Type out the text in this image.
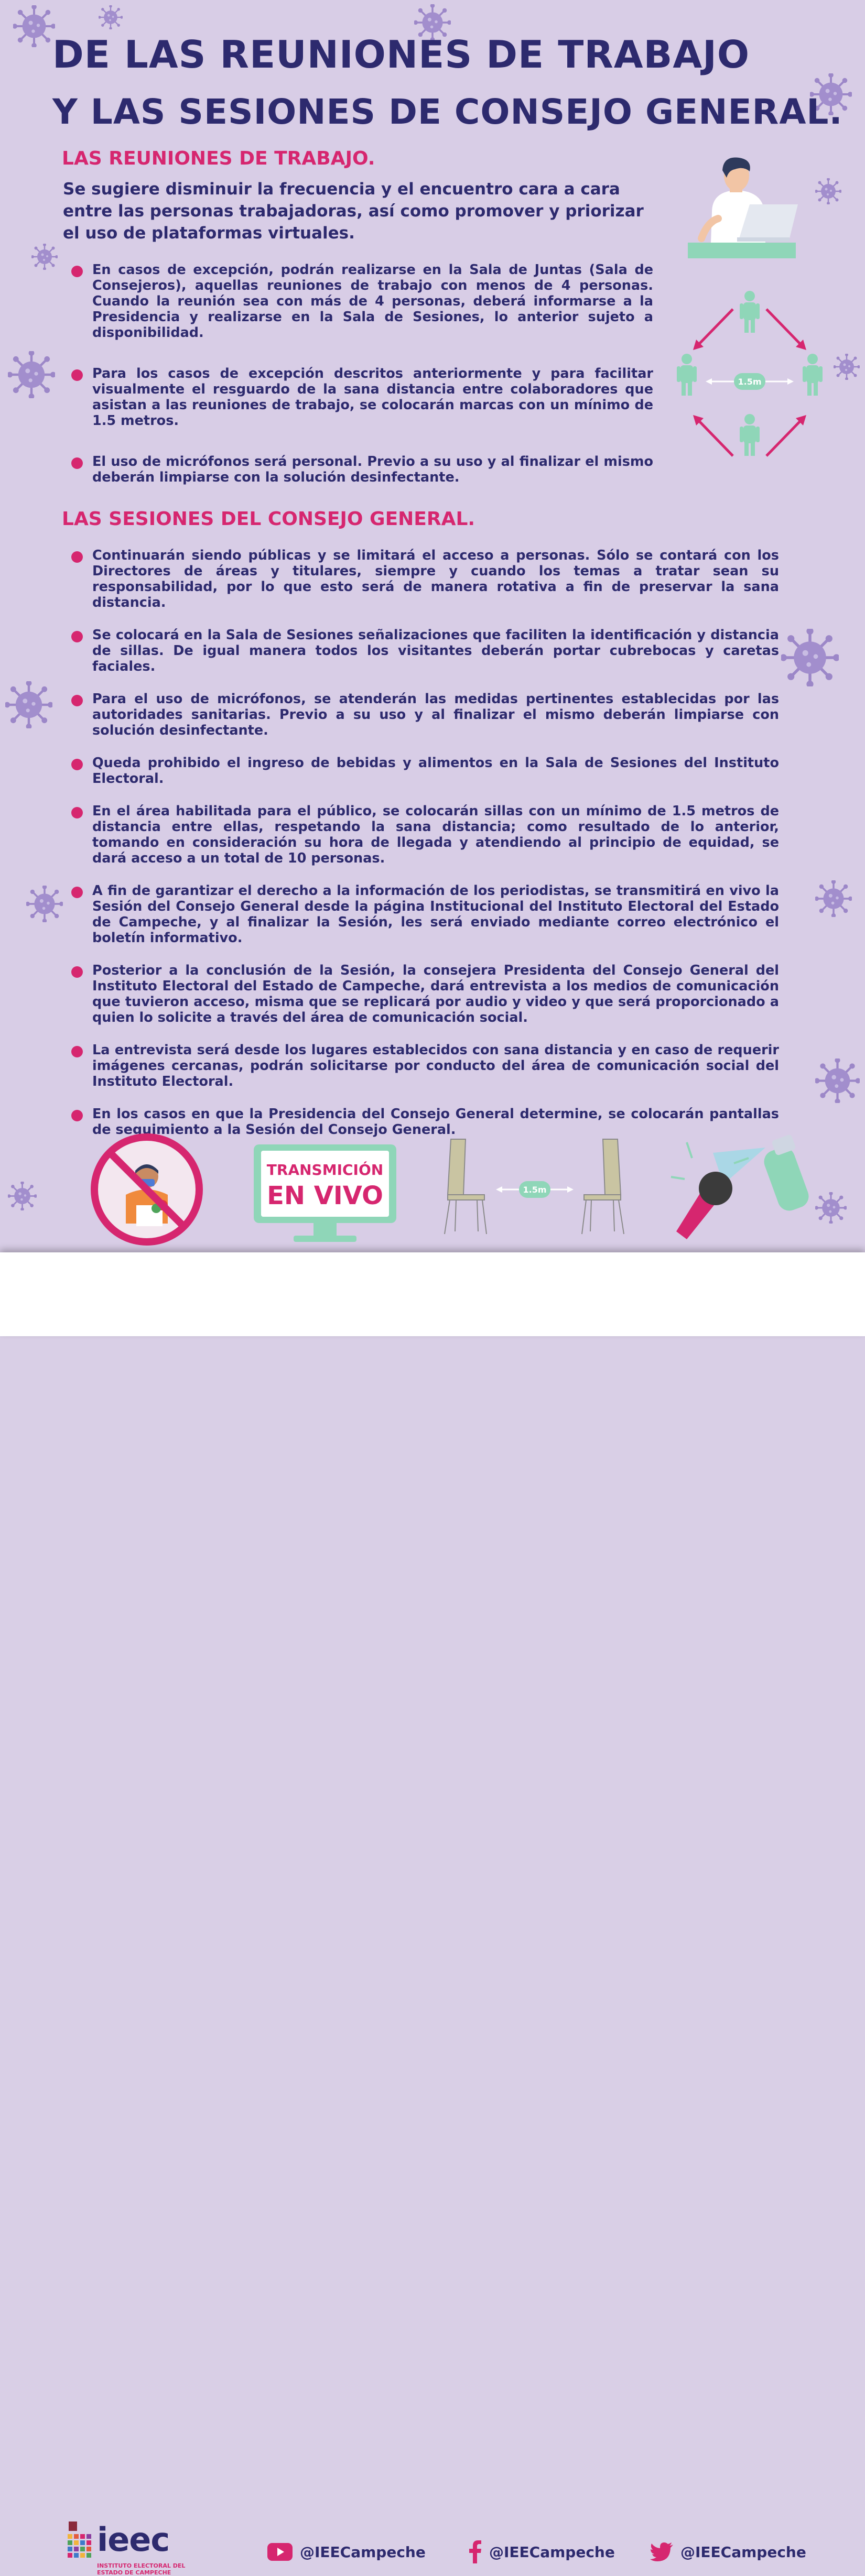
DE LAS REUNIONES DE TRABAJO
Y LAS SESIONES DE CONSEJO GENERAL.
LAS REUNIONES DE TRABAJO.
Se sugiere disminuir la frecuencia y el encuentro cara a cara entre las personas trabajadoras, así como promover y priorizar el uso de plataformas virtuales.
En casos de excepción, podrán realizarse en la Sala de Juntas (Sala de Consejeros), aquellas reuniones de trabajo con menos de 4 personas. Cuando la reunión sea con más de 4 personas, deberá informarse a la Presidencia y realizarse en la Sala de Sesiones, lo anterior sujeto a disponibilidad.
Para los casos de excepción descritos anteriormente y para facilitar visualmente el resguardo de la sana distancia entre colaboradores que asistan a las reuniones de trabajo, se colocarán marcas con un mínimo de 1.5 metros.
El uso de micrófonos será personal. Previo a su uso y al finalizar el mismo deberán limpiarse con la solución desinfectante.
1.5m
LAS SESIONES DEL CONSEJO GENERAL.
Continuarán siendo públicas y se limitará el acceso a personas. Sólo se contará con los Directores de áreas y titulares, siempre y cuando los temas a tratar sean su responsabilidad, por lo que esto será de manera rotativa a fin de preservar la sana distancia.
Se colocará en la Sala de Sesiones señalizaciones que faciliten la identificación y distancia de sillas. De igual manera todos los visitantes deberán portar cubrebocas y caretas faciales.
Para el uso de micrófonos, se atenderán las medidas pertinentes establecidas por las autoridades sanitarias. Previo a su uso y al finalizar el mismo deberán limpiarse con solución desinfectante.
Queda prohibido el ingreso de bebidas y alimentos en la Sala de Sesiones del Instituto Electoral.
En el área habilitada para el público, se colocarán sillas con un mínimo de 1.5 metros de distancia entre ellas, respetando la sana distancia; como resultado de lo anterior, tomando en consideración su hora de llegada y atendiendo al principio de equidad, se dará acceso a un total de 10 personas.
A fin de garantizar el derecho a la información de los periodistas, se transmitirá en vivo la Sesión del Consejo General desde la página Institucional del Instituto Electoral del Estado de Campeche, y al finalizar la Sesión, les será enviado mediante correo electrónico el boletín informativo.
Posterior a la conclusión de la Sesión, la consejera Presidenta del Consejo General del Instituto Electoral del Estado de Campeche, dará entrevista a los medios de comunicación que tuvieron acceso, misma que se replicará por audio y video y que será proporcionado a quien lo solicite a través del área de comunicación social.
La entrevista será desde los lugares establecidos con sana distancia y en caso de requerir imágenes cercanas, podrán solicitarse por conducto del área de comunicación social del Instituto Electoral.
En los casos en que la Presidencia del Consejo General determine, se colocarán pantallas de seguimiento a la Sesión del Consejo General.
TRANSMICIÓN
EN VIVO	1.5m
ieec
INSTITUTO ELECTORAL DEL ESTADO DE CAMPECHE
@IEECampeche	@IEECampeche	@IEECampeche
